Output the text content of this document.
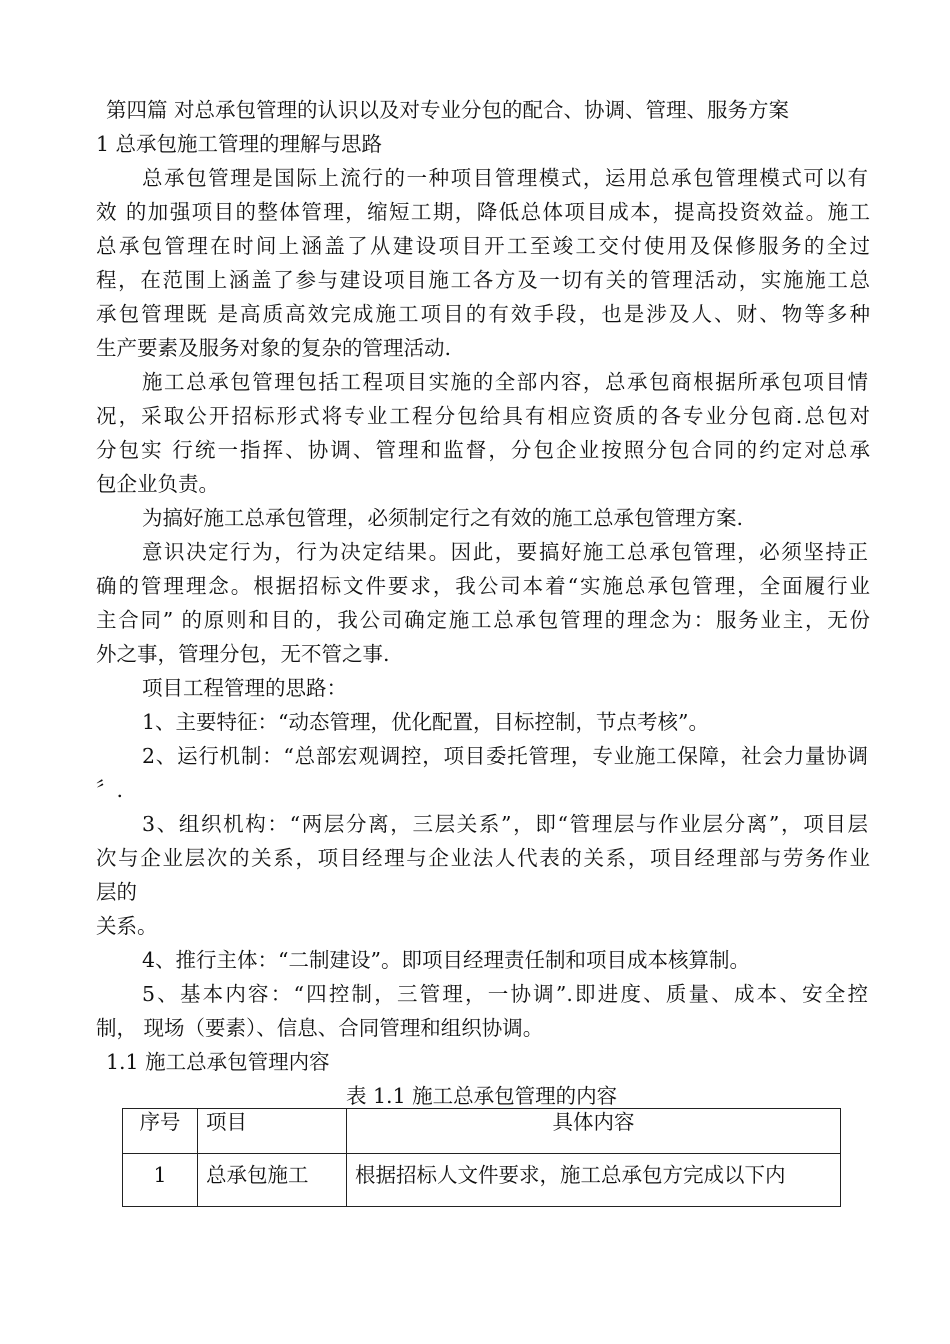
第四篇 对总承包管理的认识以及对专业分包的配合、协调、管理、服务方案
1 总承包施工管理的理解与思路
总承包管理是国际上流行的一种项目管理模式，运用总承包管理模式可以有
效 的加强项目的整体管理，缩短工期，降低总体项目成本，提高投资效益。施工
总承包管理在时间上涵盖了从建设项目开工至竣工交付使用及保修服务的全过
程，在范围上涵盖了参与建设项目施工各方及一切有关的管理活动，实施施工总
承包管理既 是高质高效完成施工项目的有效手段，也是涉及人、财、物等多种
生产要素及服务对象的复杂的管理活动.
施工总承包管理包括工程项目实施的全部内容，总承包商根据所承包项目情
况，采取公开招标形式将专业工程分包给具有相应资质的各专业分包商.总包对
分包实 行统一指挥、协调、管理和监督，分包企业按照分包合同的约定对总承
包企业负责。
为搞好施工总承包管理，必须制定行之有效的施工总承包管理方案.
意识决定行为，行为决定结果。因此，要搞好施工总承包管理，必须坚持正
确的管理理念。根据招标文件要求，我公司本着“实施总承包管理，全面履行业
主合同” 的原则和目的，我公司确定施工总承包管理的理念为：服务业主，无份
外之事，管理分包，无不管之事.
项目工程管理的思路：
1、主要特征：“动态管理，优化配置，目标控制，节点考核”。
2、运行机制：“总部宏观调控，项目委托管理，专业施工保障，社会力量协调
〞.
3、组织机构：“两层分离，三层关系”，即“管理层与作业层分离”，项目层
次与企业层次的关系，项目经理与企业法人代表的关系，项目经理部与劳务作业
层的
关系。
4、推行主体：“二制建设”。即项目经理责任制和项目成本核算制。
5、基本内容：“四控制，三管理，一协调”.即进度、质量、成本、安全控
制， 现场（要素）、信息、合同管理和组织协调。
1.1 施工总承包管理内容
表 1.1 施工总承包管理的内容
序号	项目	具体内容
1	总承包施工	根据招标人文件要求，施工总承包方完成以下内
